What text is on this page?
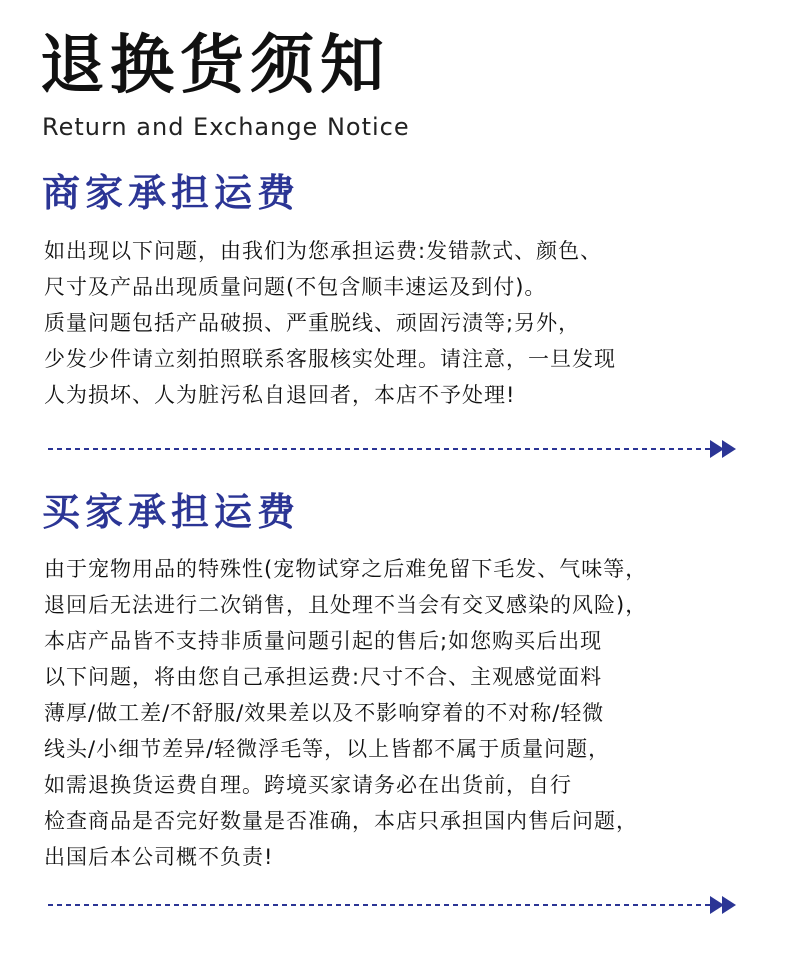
退换货须知
Return and Exchange Notice
商家承担运费
如出现以下问题，由我们为您承担运费:发错款式、颜色、
尺寸及产品出现质量问题(不包含顺丰速运及到付)。
质量问题包括产品破损、严重脱线、顽固污渍等;另外，
少发少件请立刻拍照联系客服核实处理。请注意，一旦发现
人为损坏、人为脏污私自退回者，本店不予处理!
买家承担运费
由于宠物用品的特殊性(宠物试穿之后难免留下毛发、气味等，
退回后无法进行二次销售，且处理不当会有交叉感染的风险)，
本店产品皆不支持非质量问题引起的售后;如您购买后出现
以下问题，将由您自己承担运费:尺寸不合、主观感觉面料
薄厚/做工差/不舒服/效果差以及不影响穿着的不对称/轻微
线头/小细节差异/轻微浮毛等，以上皆都不属于质量问题，
如需退换货运费自理。跨境买家请务必在出货前，自行
检查商品是否完好数量是否准确，本店只承担国内售后问题，
出国后本公司概不负责!
